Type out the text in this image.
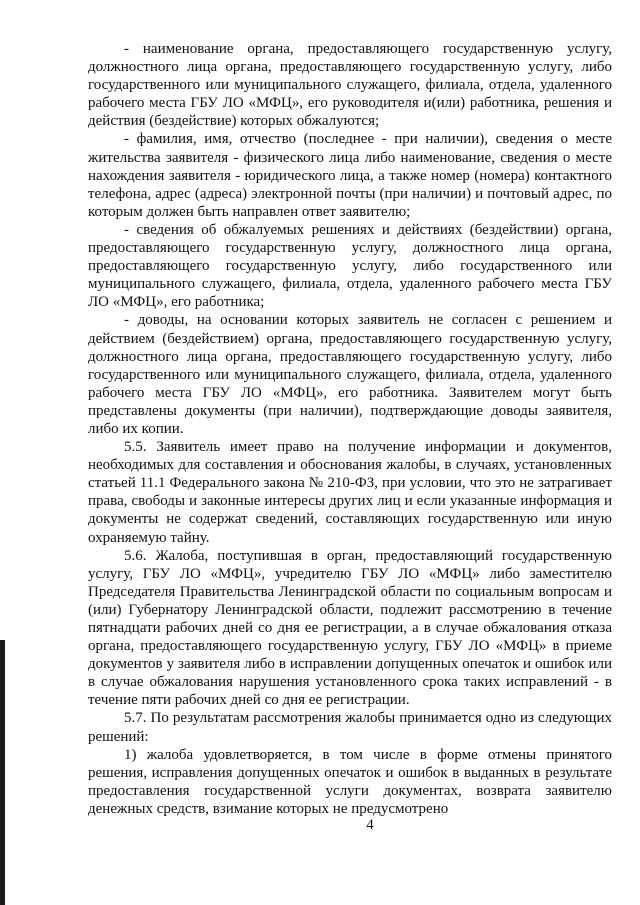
- наименование органа, предоставляющего государственную услугу, должностного лица органа, предоставляющего государственную услугу, либо государственного или муниципального служащего, филиала, отдела, удаленного рабочего места ГБУ ЛО «МФЦ», его руководителя и(или) работника, решения и действия (бездействие) которых обжалуются;

- фамилия, имя, отчество (последнее - при наличии), сведения о месте жительства заявителя - физического лица либо наименование, сведения о месте нахождения заявителя - юридического лица, а также номер (номера) контактного телефона, адрес (адреса) электронной почты (при наличии) и почтовый адрес, по которым должен быть направлен ответ заявителю;

- сведения об обжалуемых решениях и действиях (бездействии) органа, предоставляющего государственную услугу, должностного лица органа, предоставляющего государственную услугу, либо государственного или муниципального служащего, филиала, отдела, удаленного рабочего места ГБУ ЛО «МФЦ», его работника;

- доводы, на основании которых заявитель не согласен с решением и действием (бездействием) органа, предоставляющего государственную услугу, должностного лица органа, предоставляющего государственную услугу, либо государственного или муниципального служащего, филиала, отдела, удаленного рабочего места ГБУ ЛО «МФЦ», его работника. Заявителем могут быть представлены документы (при наличии), подтверждающие доводы заявителя, либо их копии.

5.5. Заявитель имеет право на получение информации и документов, необходимых для составления и обоснования жалобы, в случаях, установленных статьей 11.1 Федерального закона № 210-ФЗ, при условии, что это не затрагивает права, свободы и законные интересы других лиц и если указанные информация и документы не содержат сведений, составляющих государственную или иную охраняемую тайну.

5.6. Жалоба, поступившая в орган, предоставляющий государственную услугу, ГБУ ЛО «МФЦ», учредителю ГБУ ЛО «МФЦ» либо заместителю Председателя Правительства Ленинградской области по социальным вопросам и (или) Губернатору Ленинградской области, подлежит рассмотрению в течение пятнадцати рабочих дней со дня ее регистрации, а в случае обжалования отказа органа, предоставляющего государственную услугу, ГБУ ЛО «МФЦ» в приеме документов у заявителя либо в исправлении допущенных опечаток и ошибок или в случае обжалования нарушения установленного срока таких исправлений - в течение пяти рабочих дней со дня ее регистрации.

5.7. По результатам рассмотрения жалобы принимается одно из следующих решений:

1) жалоба удовлетворяется, в том числе в форме отмены принятого решения, исправления допущенных опечаток и ошибок в выданных в результате предоставления государственной услуги документах, возврата заявителю денежных средств, взимание которых не предусмотрено

4
